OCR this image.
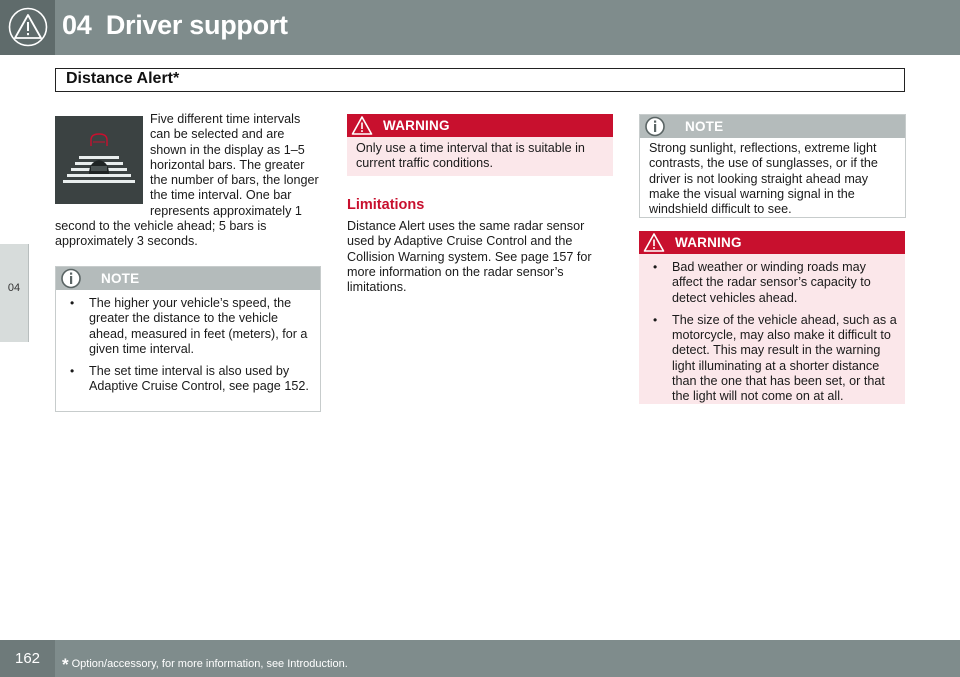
04 Driver support
Distance Alert*
04

Five different time intervals can be selected and are shown in the display as 1–5 horizontal bars. The greater the number of bars, the longer the time interval. One bar represents approximately 1 second to the vehicle ahead; 5 bars is approximately 3 seconds.

NOTE
• The higher your vehicle’s speed, the greater the distance to the vehicle ahead, measured in feet (meters), for a given time interval.
• The set time interval is also used by Adaptive Cruise Control, see page 152.
WARNING

Only use a time interval that is suitable in current traffic conditions.

Limitations

Distance Alert uses the same radar sensor used by Adaptive Cruise Control and the Collision Warning system. See page 157 for more information on the radar sensor’s limitations.

NOTE

Strong sunlight, reflections, extreme light contrasts, the use of sunglasses, or if the driver is not looking straight ahead may make the visual warning signal in the windshield difficult to see.

WARNING
• Bad weather or winding roads may affect the radar sensor’s capacity to detect vehicles ahead.
• The size of the vehicle ahead, such as a motorcycle, may also make it difficult to detect. This may result in the warning light illuminating at a shorter distance than the one that has been set, or that the light will not come on at all.
162	* Option/accessory, for more information, see Introduction.
